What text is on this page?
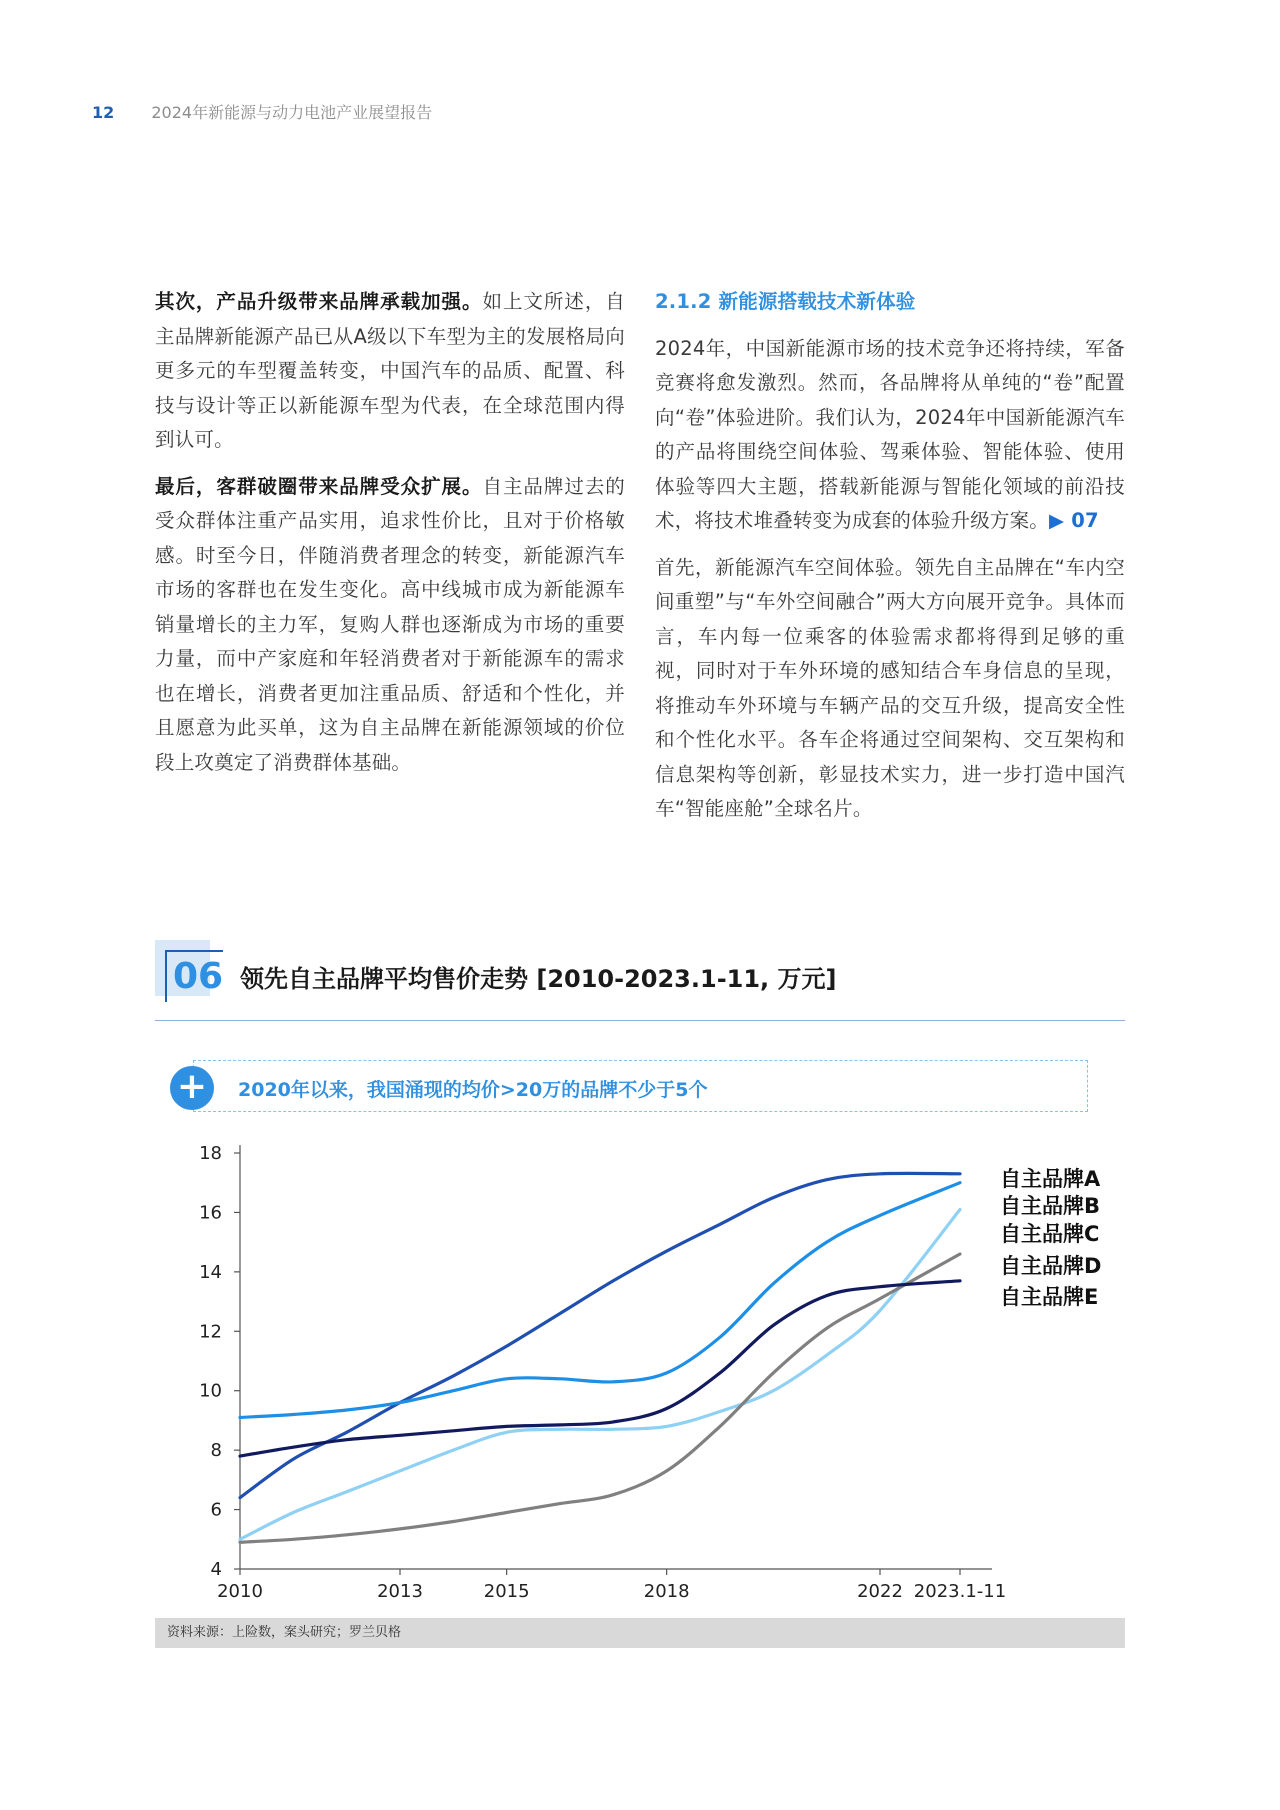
12 2024年新能源与动力电池产业展望报告

其次，产品升级带来品牌承载加强。如上文所述，自主品牌新能源产品已从A级以下车型为主的发展格局向更多元的车型覆盖转变，中国汽车的品质、配置、科技与设计等正以新能源车型为代表，在全球范围内得到认可。

最后，客群破圈带来品牌受众扩展。自主品牌过去的受众群体注重产品实用，追求性价比，且对于价格敏感。时至今日，伴随消费者理念的转变，新能源汽车市场的客群也在发生变化。高中线城市成为新能源车销量增长的主力军，复购人群也逐渐成为市场的重要力量，而中产家庭和年轻消费者对于新能源车的需求也在增长，消费者更加注重品质、舒适和个性化，并且愿意为此买单，这为自主品牌在新能源领域的价位段上攻奠定了消费群体基础。

2.1.2 新能源搭载技术新体验

2024年，中国新能源市场的技术竞争还将持续，军备竞赛将愈发激烈。然而，各品牌将从单纯的“卷”配置向“卷”体验进阶。我们认为，2024年中国新能源汽车的产品将围绕空间体验、驾乘体验、智能体验、使用体验等四大主题，搭载新能源与智能化领域的前沿技术，将技术堆叠转变为成套的体验升级方案。▶ 07

首先，新能源汽车空间体验。领先自主品牌在“车内空间重塑”与“车外空间融合”两大方向展开竞争。具体而言，车内每一位乘客的体验需求都将得到足够的重视，同时对于车外环境的感知结合车身信息的呈现，将推动车外环境与车辆产品的交互升级，提高安全性和个性化水平。各车企将通过空间架构、交互架构和信息架构等创新，彰显技术实力，进一步打造中国汽车“智能座舱”全球名片。

06 领先自主品牌平均售价走势 [2010-2023.1-11, 万元]
+	2020年以来，我国涌现的均价>20万的品牌不少于5个
4
6
8
10
12
14
16
18
2010	2013	2015	2018	2022 2023.1-11
自主品牌A
自主品牌B
自主品牌C
自主品牌D
自主品牌E
资料来源：上险数，案头研究；罗兰贝格
